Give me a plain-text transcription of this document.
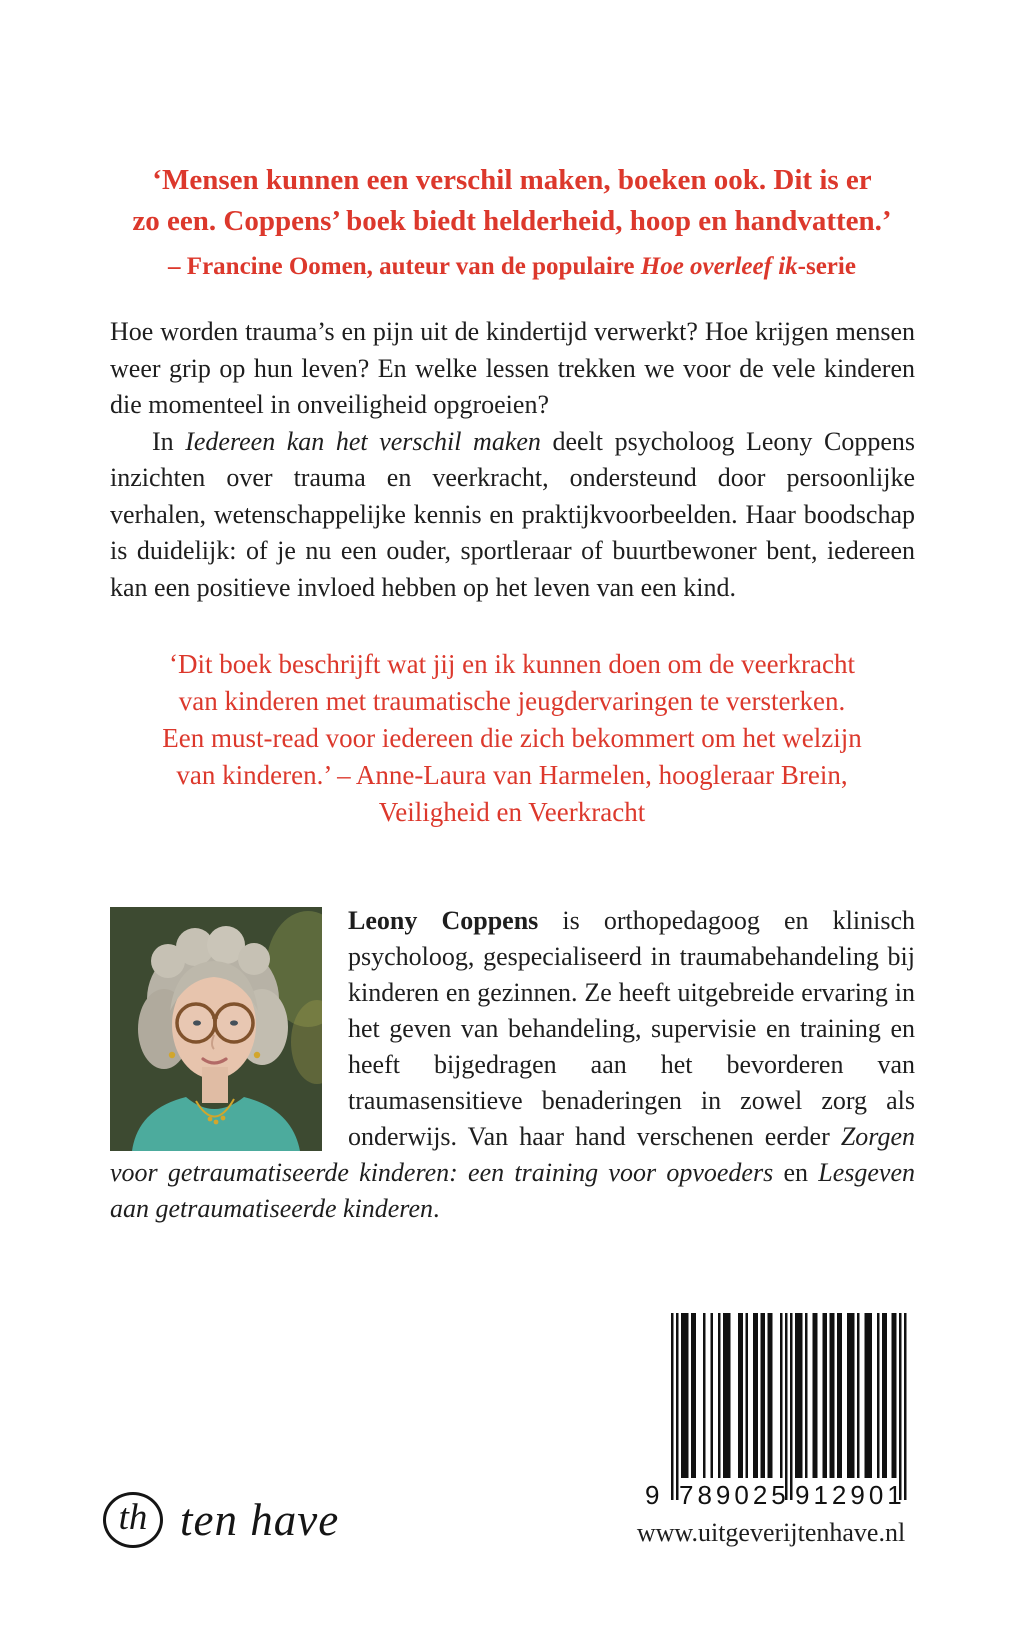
‘Mensen kunnen een verschil maken, boeken ook. Dit is er
zo een. Coppens’ boek biedt helderheid, hoop en handvatten.’
– Francine Oomen, auteur van de populaire Hoe overleef ik-serie

Hoe worden trauma’s en pijn uit de kindertijd verwerkt? Hoe krijgen mensen weer grip op hun leven? En welke lessen trekken we voor de vele kinderen die momenteel in onveiligheid opgroeien?

In Iedereen kan het verschil maken deelt psycholoog Leony Coppens inzichten over trauma en veerkracht, ondersteund door persoonlijke verhalen, wetenschappelijke kennis en praktijkvoorbeelden. Haar boodschap is duidelijk: of je nu een ouder, sportleraar of buurtbewoner bent, iedereen kan een positieve invloed hebben op het leven van een kind.

‘Dit boek beschrijft wat jij en ik kunnen doen om de veerkracht
van kinderen met traumatische jeugdervaringen te versterken.
Een must-read voor iedereen die zich bekommert om het welzijn
van kinderen.’ – Anne-Laura van Harmelen, hoogleraar Brein,
Veiligheid en Veerkracht

Leony Coppens is orthopedagoog en klinisch psycholoog, gespecialiseerd in traumabehandeling bij kinderen en gezinnen. Ze heeft uitgebreide ervaring in het geven van behandeling, supervisie en training en heeft bijgedragen aan het bevorderen van traumasensitieve benaderingen in zowel zorg als onderwijs. Van haar hand verschenen eerder Zorgen voor getraumatiseerde kinderen: een training voor opvoeders en Lesgeven aan getraumatiseerde kinderen.

th ten have	9 789025 912901
www.uitgeverijtenhave.nl
